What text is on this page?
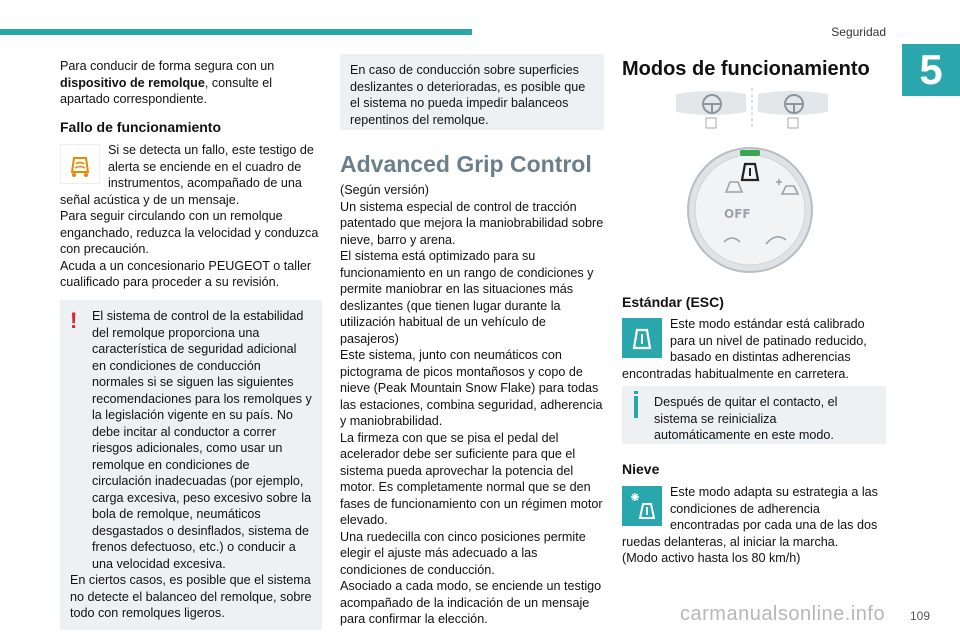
Seguridad
5

Para conducir de forma segura con un dispositivo de remolque, consulte el apartado correspondiente.

Fallo de funcionamiento

Si se detecta un fallo, este testigo de alerta se enciende en el cuadro de instrumentos, acompañado de una señal acústica y de un mensaje.

Para seguir circulando con un remolque enganchado, reduzca la velocidad y conduzca con precaución.

Acuda a un concesionario PEUGEOT o taller cualificado para proceder a su revisión.

!	El sistema de control de la estabilidad del remolque proporciona una característica de seguridad adicional en condiciones de conducción normales si se siguen las siguientes recomendaciones para los remolques y la legislación vigente en su país. No debe incitar al conductor a correr riesgos adicionales, como usar un remolque en condiciones de circulación inadecuadas (por ejemplo, carga excesiva, peso excesivo sobre la bola de remolque, neumáticos desgastados o desinflados, sistema de frenos defectuoso, etc.) o conducir a una velocidad excesiva.

En ciertos casos, es posible que el sistema no detecte el balanceo del remolque, sobre todo con remolques ligeros.

En caso de conducción sobre superficies deslizantes o deterioradas, es posible que el sistema no pueda impedir balanceos repentinos del remolque.

Advanced Grip Control

(Según versión)

Un sistema especial de control de tracción patentado que mejora la maniobrabilidad sobre nieve, barro y arena.

El sistema está optimizado para su funcionamiento en un rango de condiciones y permite maniobrar en las situaciones más deslizantes (que tienen lugar durante la utilización habitual de un vehículo de pasajeros)

Este sistema, junto con neumáticos con pictograma de picos montañosos y copo de nieve (Peak Mountain Snow Flake) para todas las estaciones, combina seguridad, adherencia y maniobrabilidad.

La firmeza con que se pisa el pedal del acelerador debe ser suficiente para que el sistema pueda aprovechar la potencia del motor. Es completamente normal que se den fases de funcionamiento con un régimen motor elevado.

Una ruedecilla con cinco posiciones permite elegir el ajuste más adecuado a las condiciones de conducción.

Asociado a cada modo, se enciende un testigo acompañado de la indicación de un mensaje para confirmar la elección.

Modos de funcionamiento
OFF
Estándar (ESC)

Este modo estándar está calibrado para un nivel de patinado reducido, basado en distintas adherencias encontradas habitualmente en carretera.

Después de quitar el contacto, el sistema se reinicializa automáticamente en este modo.

Nieve

Este modo adapta su estrategia a las condiciones de adherencia encontradas por cada una de las dos ruedas delanteras, al iniciar la marcha.

(Modo activo hasta los 80 km/h)

carmanualsonline.info 109
